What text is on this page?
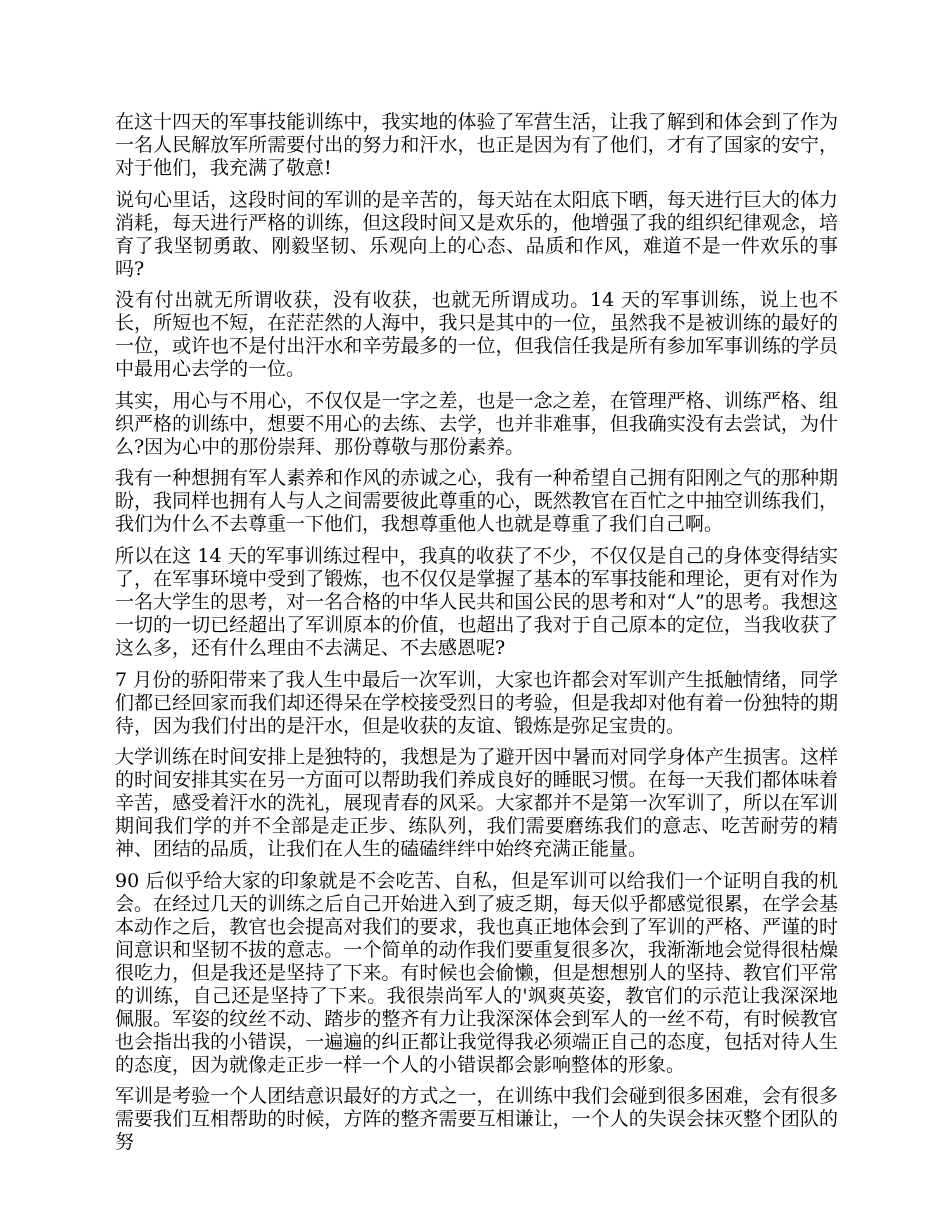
在这十四天的军事技能训练中，我实地的体验了军营生活，让我了解到和体会到了作为一名人民解放军所需要付出的努力和汗水，也正是因为有了他们，才有了国家的安宁，对于他们，我充满了敬意!

说句心里话，这段时间的军训的是辛苦的，每天站在太阳底下晒，每天进行巨大的体力消耗，每天进行严格的训练，但这段时间又是欢乐的，他增强了我的组织纪律观念，培育了我坚韧勇敢、刚毅坚韧、乐观向上的心态、品质和作风，难道不是一件欢乐的事吗?

没有付出就无所谓收获，没有收获，也就无所谓成功。14 天的军事训练，说上也不长，所短也不短，在茫茫然的人海中，我只是其中的一位，虽然我不是被训练的最好的一位，或许也不是付出汗水和辛劳最多的一位，但我信任我是所有参加军事训练的学员中最用心去学的一位。

其实，用心与不用心，不仅仅是一字之差，也是一念之差，在管理严格、训练严格、组织严格的训练中，想要不用心的去练、去学，也并非难事，但我确实没有去尝试，为什么?因为心中的那份崇拜、那份尊敬与那份素养。

我有一种想拥有军人素养和作风的赤诚之心，我有一种希望自己拥有阳刚之气的那种期盼，我同样也拥有人与人之间需要彼此尊重的心，既然教官在百忙之中抽空训练我们，我们为什么不去尊重一下他们，我想尊重他人也就是尊重了我们自己啊。

所以在这 14 天的军事训练过程中，我真的收获了不少，不仅仅是自己的身体变得结实了，在军事环境中受到了锻炼，也不仅仅是掌握了基本的军事技能和理论，更有对作为一名大学生的思考，对一名合格的中华人民共和国公民的思考和对“人”的思考。我想这一切的一切已经超出了军训原本的价值，也超出了我对于自己原本的定位，当我收获了这么多，还有什么理由不去满足、不去感恩呢?

7 月份的骄阳带来了我人生中最后一次军训，大家也许都会对军训产生抵触情绪，同学们都已经回家而我们却还得呆在学校接受烈日的考验，但是我却对他有着一份独特的期待，因为我们付出的是汗水，但是收获的友谊、锻炼是弥足宝贵的。

大学训练在时间安排上是独特的，我想是为了避开因中暑而对同学身体产生损害。这样的时间安排其实在另一方面可以帮助我们养成良好的睡眠习惯。在每一天我们都体味着辛苦，感受着汗水的洗礼，展现青春的风采。大家都并不是第一次军训了，所以在军训期间我们学的并不全部是走正步、练队列，我们需要磨练我们的意志、吃苦耐劳的精神、团结的品质，让我们在人生的磕磕绊绊中始终充满正能量。

90 后似乎给大家的印象就是不会吃苦、自私，但是军训可以给我们一个证明自我的机会。在经过几天的训练之后自己开始进入到了疲乏期，每天似乎都感觉很累，在学会基本动作之后，教官也会提高对我们的要求，我也真正地体会到了军训的严格、严谨的时间意识和坚韧不拔的意志。一个简单的动作我们要重复很多次，我渐渐地会觉得很枯燥很吃力，但是我还是坚持了下来。有时候也会偷懒，但是想想别人的坚持、教官们平常的训练，自己还是坚持了下来。我很崇尚军人的'飒爽英姿，教官们的示范让我深深地佩服。军姿的纹丝不动、踏步的整齐有力让我深深体会到军人的一丝不苟，有时候教官也会指出我的小错误，一遍遍的纠正都让我觉得我必须端正自己的态度，包括对待人生的态度，因为就像走正步一样一个人的小错误都会影响整体的形象。

军训是考验一个人团结意识最好的方式之一，在训练中我们会碰到很多困难，会有很多需要我们互相帮助的时候，方阵的整齐需要互相谦让，一个人的失误会抹灭整个团队的努
